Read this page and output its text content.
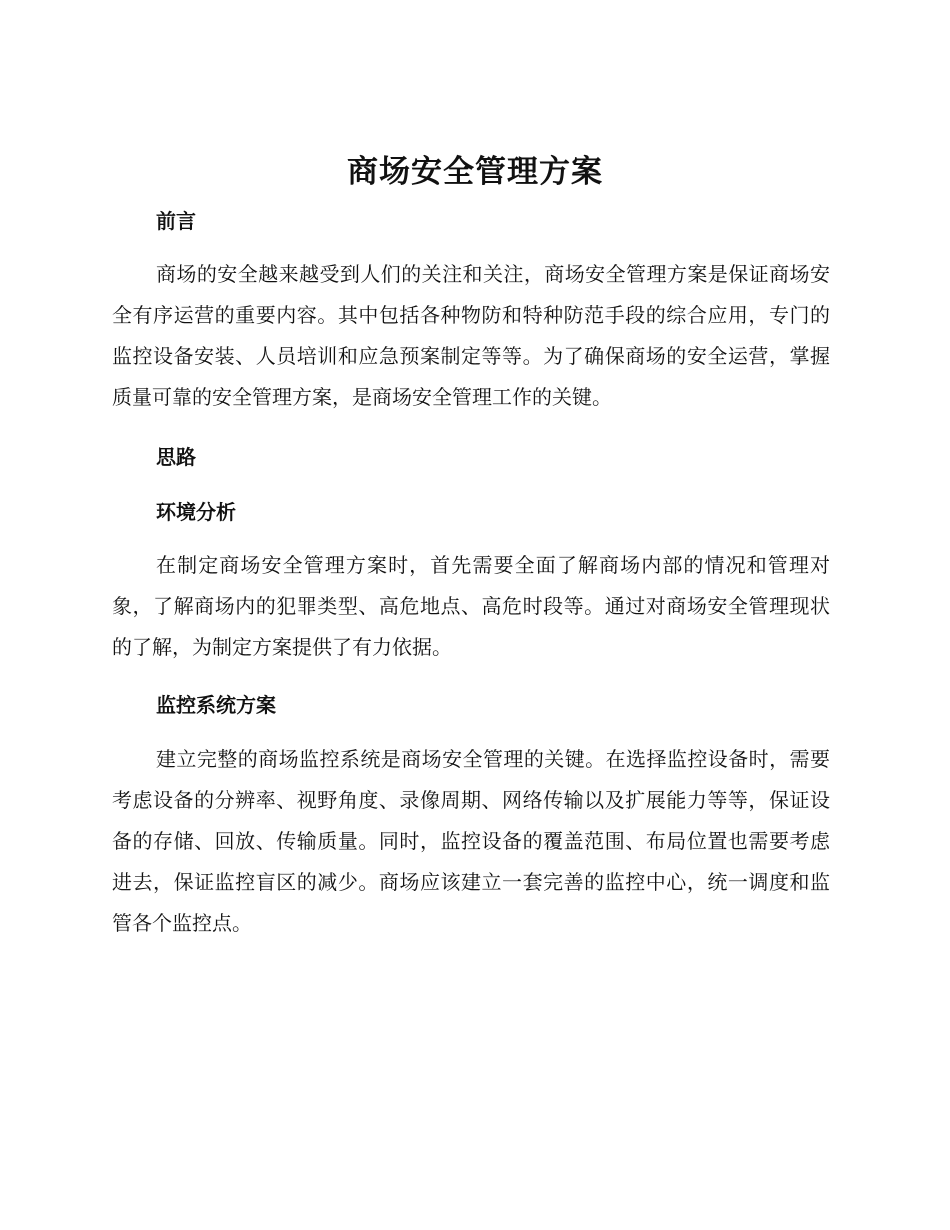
商场安全管理方案
前言

商场的安全越来越受到人们的关注和关注，商场安全管理方案是保证商场安全有序运营的重要内容。其中包括各种物防和特种防范手段的综合应用，专门的监控设备安装、人员培训和应急预案制定等等。为了确保商场的安全运营，掌握质量可靠的安全管理方案，是商场安全管理工作的关键。

思路
环境分析

在制定商场安全管理方案时，首先需要全面了解商场内部的情况和管理对象，了解商场内的犯罪类型、高危地点、高危时段等。通过对商场安全管理现状的了解，为制定方案提供了有力依据。

监控系统方案

建立完整的商场监控系统是商场安全管理的关键。在选择监控设备时，需要考虑设备的分辨率、视野角度、录像周期、网络传输以及扩展能力等等，保证设备的存储、回放、传输质量。同时，监控设备的覆盖范围、布局位置也需要考虑进去，保证监控盲区的减少。商场应该建立一套完善的监控中心，统一调度和监管各个监控点。
